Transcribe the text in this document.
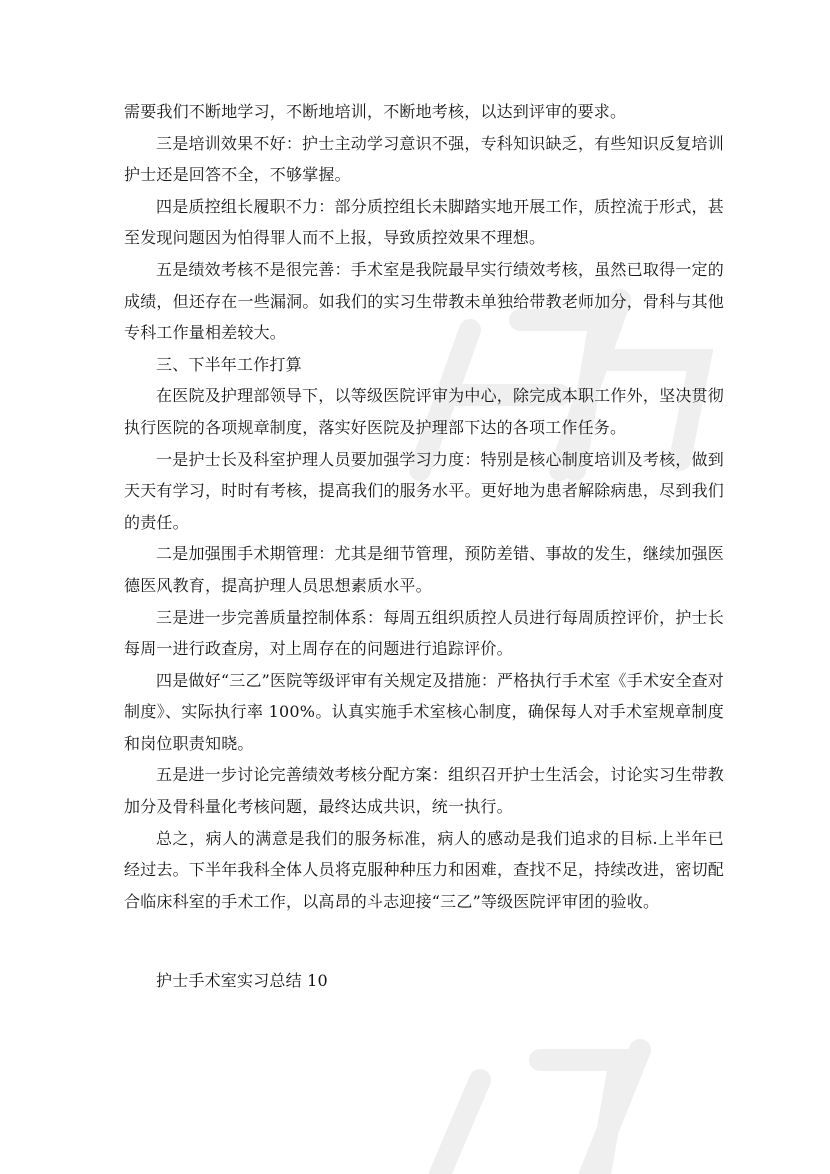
需要我们不断地学习，不断地培训，不断地考核，以达到评审的要求。

三是培训效果不好：护士主动学习意识不强，专科知识缺乏，有些知识反复培训护士还是回答不全，不够掌握。

四是质控组长履职不力：部分质控组长未脚踏实地开展工作，质控流于形式，甚至发现问题因为怕得罪人而不上报，导致质控效果不理想。

五是绩效考核不是很完善：手术室是我院最早实行绩效考核，虽然已取得一定的成绩，但还存在一些漏洞。如我们的实习生带教未单独给带教老师加分，骨科与其他专科工作量相差较大。

三、下半年工作打算

在医院及护理部领导下，以等级医院评审为中心，除完成本职工作外，坚决贯彻执行医院的各项规章制度，落实好医院及护理部下达的各项工作任务。

一是护士长及科室护理人员要加强学习力度：特别是核心制度培训及考核，做到天天有学习，时时有考核，提高我们的服务水平。更好地为患者解除病患，尽到我们的责任。

二是加强围手术期管理：尤其是细节管理，预防差错、事故的发生，继续加强医德医风教育，提高护理人员思想素质水平。

三是进一步完善质量控制体系：每周五组织质控人员进行每周质控评价，护士长每周一进行政查房，对上周存在的问题进行追踪评价。

四是做好“三乙”医院等级评审有关规定及措施：严格执行手术室《手术安全查对制度》、实际执行率 100%。认真实施手术室核心制度，确保每人对手术室规章制度和岗位职责知晓。

五是进一步讨论完善绩效考核分配方案：组织召开护士生活会，讨论实习生带教加分及骨科量化考核问题，最终达成共识，统一执行。

总之，病人的满意是我们的服务标准，病人的感动是我们追求的目标.上半年已经过去。下半年我科全体人员将克服种种压力和困难，查找不足，持续改进，密切配合临床科室的手术工作，以高昂的斗志迎接“三乙”等级医院评审团的验收。

护士手术室实习总结 10
